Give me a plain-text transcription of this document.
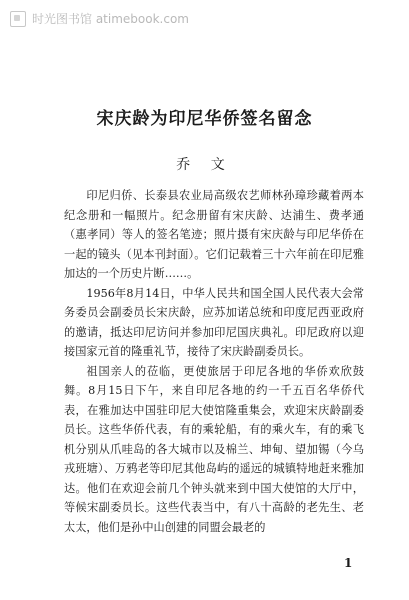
时光图书馆 atimebook.com
宋庆龄为印尼华侨签名留念
乔 文

印尼归侨、长泰县农业局高级农艺师林孙璋珍藏着两本纪念册和一幅照片。纪念册留有宋庆龄、达浦生、费孝通（惠孝同）等人的签名笔迹；照片摄有宋庆龄与印尼华侨在一起的镜头（见本刊封面）。它们记载着三十六年前在印尼雅加达的一个历史片断……。

1956年8月14日，中华人民共和国全国人民代表大会常务委员会副委员长宋庆龄，应苏加诺总统和印度尼西亚政府的邀请，抵达印尼访问并参加印尼国庆典礼。印尼政府以迎接国家元首的隆重礼节，接待了宋庆龄副委员长。

祖国亲人的莅临，更使旅居于印尼各地的华侨欢欣鼓舞。8月15日下午，来自印尼各地的约一千五百名华侨代表，在雅加达中国驻印尼大使馆隆重集会，欢迎宋庆龄副委员长。这些华侨代表，有的乘轮船，有的乘火车，有的乘飞机分别从爪哇岛的各大城市以及棉兰、坤甸、望加锡（今乌戎班塘）、万鸦老等印尼其他岛屿的遥远的城镇特地赶来雅加达。他们在欢迎会前几个钟头就来到中国大使馆的大厅中，等候宋副委员长。这些代表当中，有八十高龄的老先生、老太太，他们是孙中山创建的同盟会最老的

1
